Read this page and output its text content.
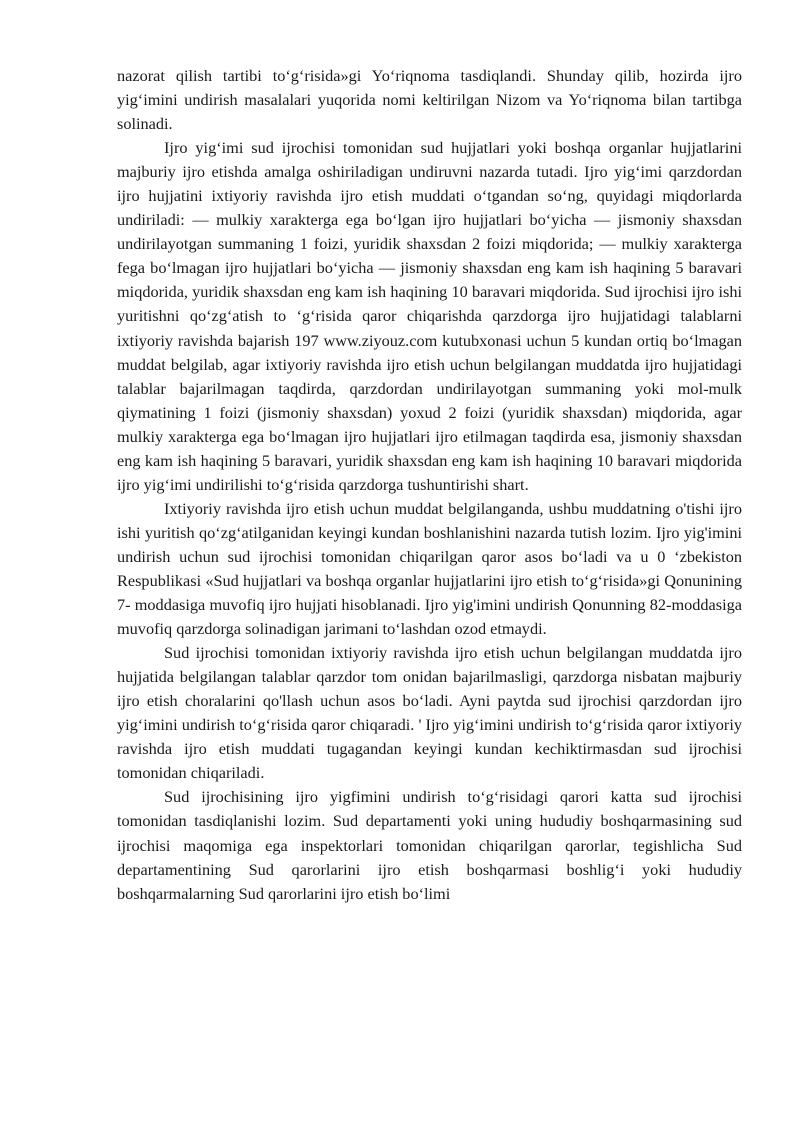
nazorat qilish tartibi to‘g‘risida»gi Yo‘riqnoma tasdiqlandi. Shunday qilib, hozirda ijro yig‘imini undirish masalalari yuqorida nomi keltirilgan Nizom va Yo‘riqnoma bilan tartibga solinadi.

Ijro yig‘imi sud ijrochisi tomonidan sud hujjatlari yoki boshqa organlar hujjatlarini majburiy ijro etishda amalga oshiriladigan undiruvni nazarda tutadi. Ijro yig‘imi qarzdordan ijro hujjatini ixtiyoriy ravishda ijro etish muddati o‘tgandan so‘ng, quyidagi miqdorlarda undiriladi: — mulkiy xarakterga ega bo‘lgan ijro hujjatlari bo‘yicha — jismoniy shaxsdan undirilayotgan summaning 1 foizi, yuridik shaxsdan 2 foizi miqdorida; — mulkiy xarakterga fega bo‘lmagan ijro hujjatlari bo‘yicha — jismoniy shaxsdan eng kam ish haqining 5 baravari miqdorida, yuridik shaxsdan eng kam ish haqining 10 baravari miqdorida. Sud ijrochisi ijro ishi yuritishni qo‘zg‘atish to ‘g‘risida qaror chiqarishda qarzdorga ijro hujjatidagi talablarni ixtiyoriy ravishda bajarish 197 www.ziyouz.com kutubxonasi uchun 5 kundan ortiq bo‘lmagan muddat belgilab, agar ixtiyoriy ravishda ijro etish uchun belgilangan muddatda ijro hujjatidagi talablar bajarilmagan taqdirda, qarzdordan undirilayotgan summaning yoki mol-mulk qiymatining 1 foizi (jismoniy shaxsdan) yoxud 2 foizi (yuridik shaxsdan) miqdorida, agar mulkiy xarakterga ega bo‘lmagan ijro hujjatlari ijro etilmagan taqdirda esa, jismoniy shaxsdan eng kam ish haqining 5 baravari, yuridik shaxsdan eng kam ish haqining 10 baravari miqdorida ijro yig‘imi undirilishi to‘g‘risida qarzdorga tushuntirishi shart.

Ixtiyoriy ravishda ijro etish uchun muddat belgilanganda, ushbu muddatning o'tishi ijro ishi yuritish qo‘zg‘atilganidan keyingi kundan boshlanishini nazarda tutish lozim. Ijro yig'imini undirish uchun sud ijrochisi tomonidan chiqarilgan qaror asos bo‘ladi va u 0 ‘zbekiston Respublikasi «Sud hujjatlari va boshqa organlar hujjatlarini ijro etish to‘g‘risida»gi Qonunining 7- moddasiga muvofiq ijro hujjati hisoblanadi. Ijro yig'imini undirish Qonunning 82-moddasiga muvofiq qarzdorga solinadigan jarimani to‘lashdan ozod etmaydi.

Sud ijrochisi tomonidan ixtiyoriy ravishda ijro etish uchun belgilangan muddatda ijro hujjatida belgilangan talablar qarzdor tom onidan bajarilmasligi, qarzdorga nisbatan majburiy ijro etish choralarini qo'llash uchun asos bo‘ladi. Ayni paytda sud ijrochisi qarzdordan ijro yig‘imini undirish to‘g‘risida qaror chiqaradi. ' Ijro yig‘imini undirish to‘g‘risida qaror ixtiyoriy ravishda ijro etish muddati tugagandan keyingi kundan kechiktirmasdan sud ijrochisi tomonidan chiqariladi.

Sud ijrochisining ijro yigfimini undirish to‘g‘risidagi qarori katta sud ijrochisi tomonidan tasdiqlanishi lozim. Sud departamenti yoki uning hududiy boshqarmasining sud ijrochisi maqomiga ega inspektorlari tomonidan chiqarilgan qarorlar, tegishlicha Sud departamentining Sud qarorlarini ijro etish boshqarmasi boshlig‘i yoki hududiy boshqarmalarning Sud qarorlarini ijro etish bo‘limi
